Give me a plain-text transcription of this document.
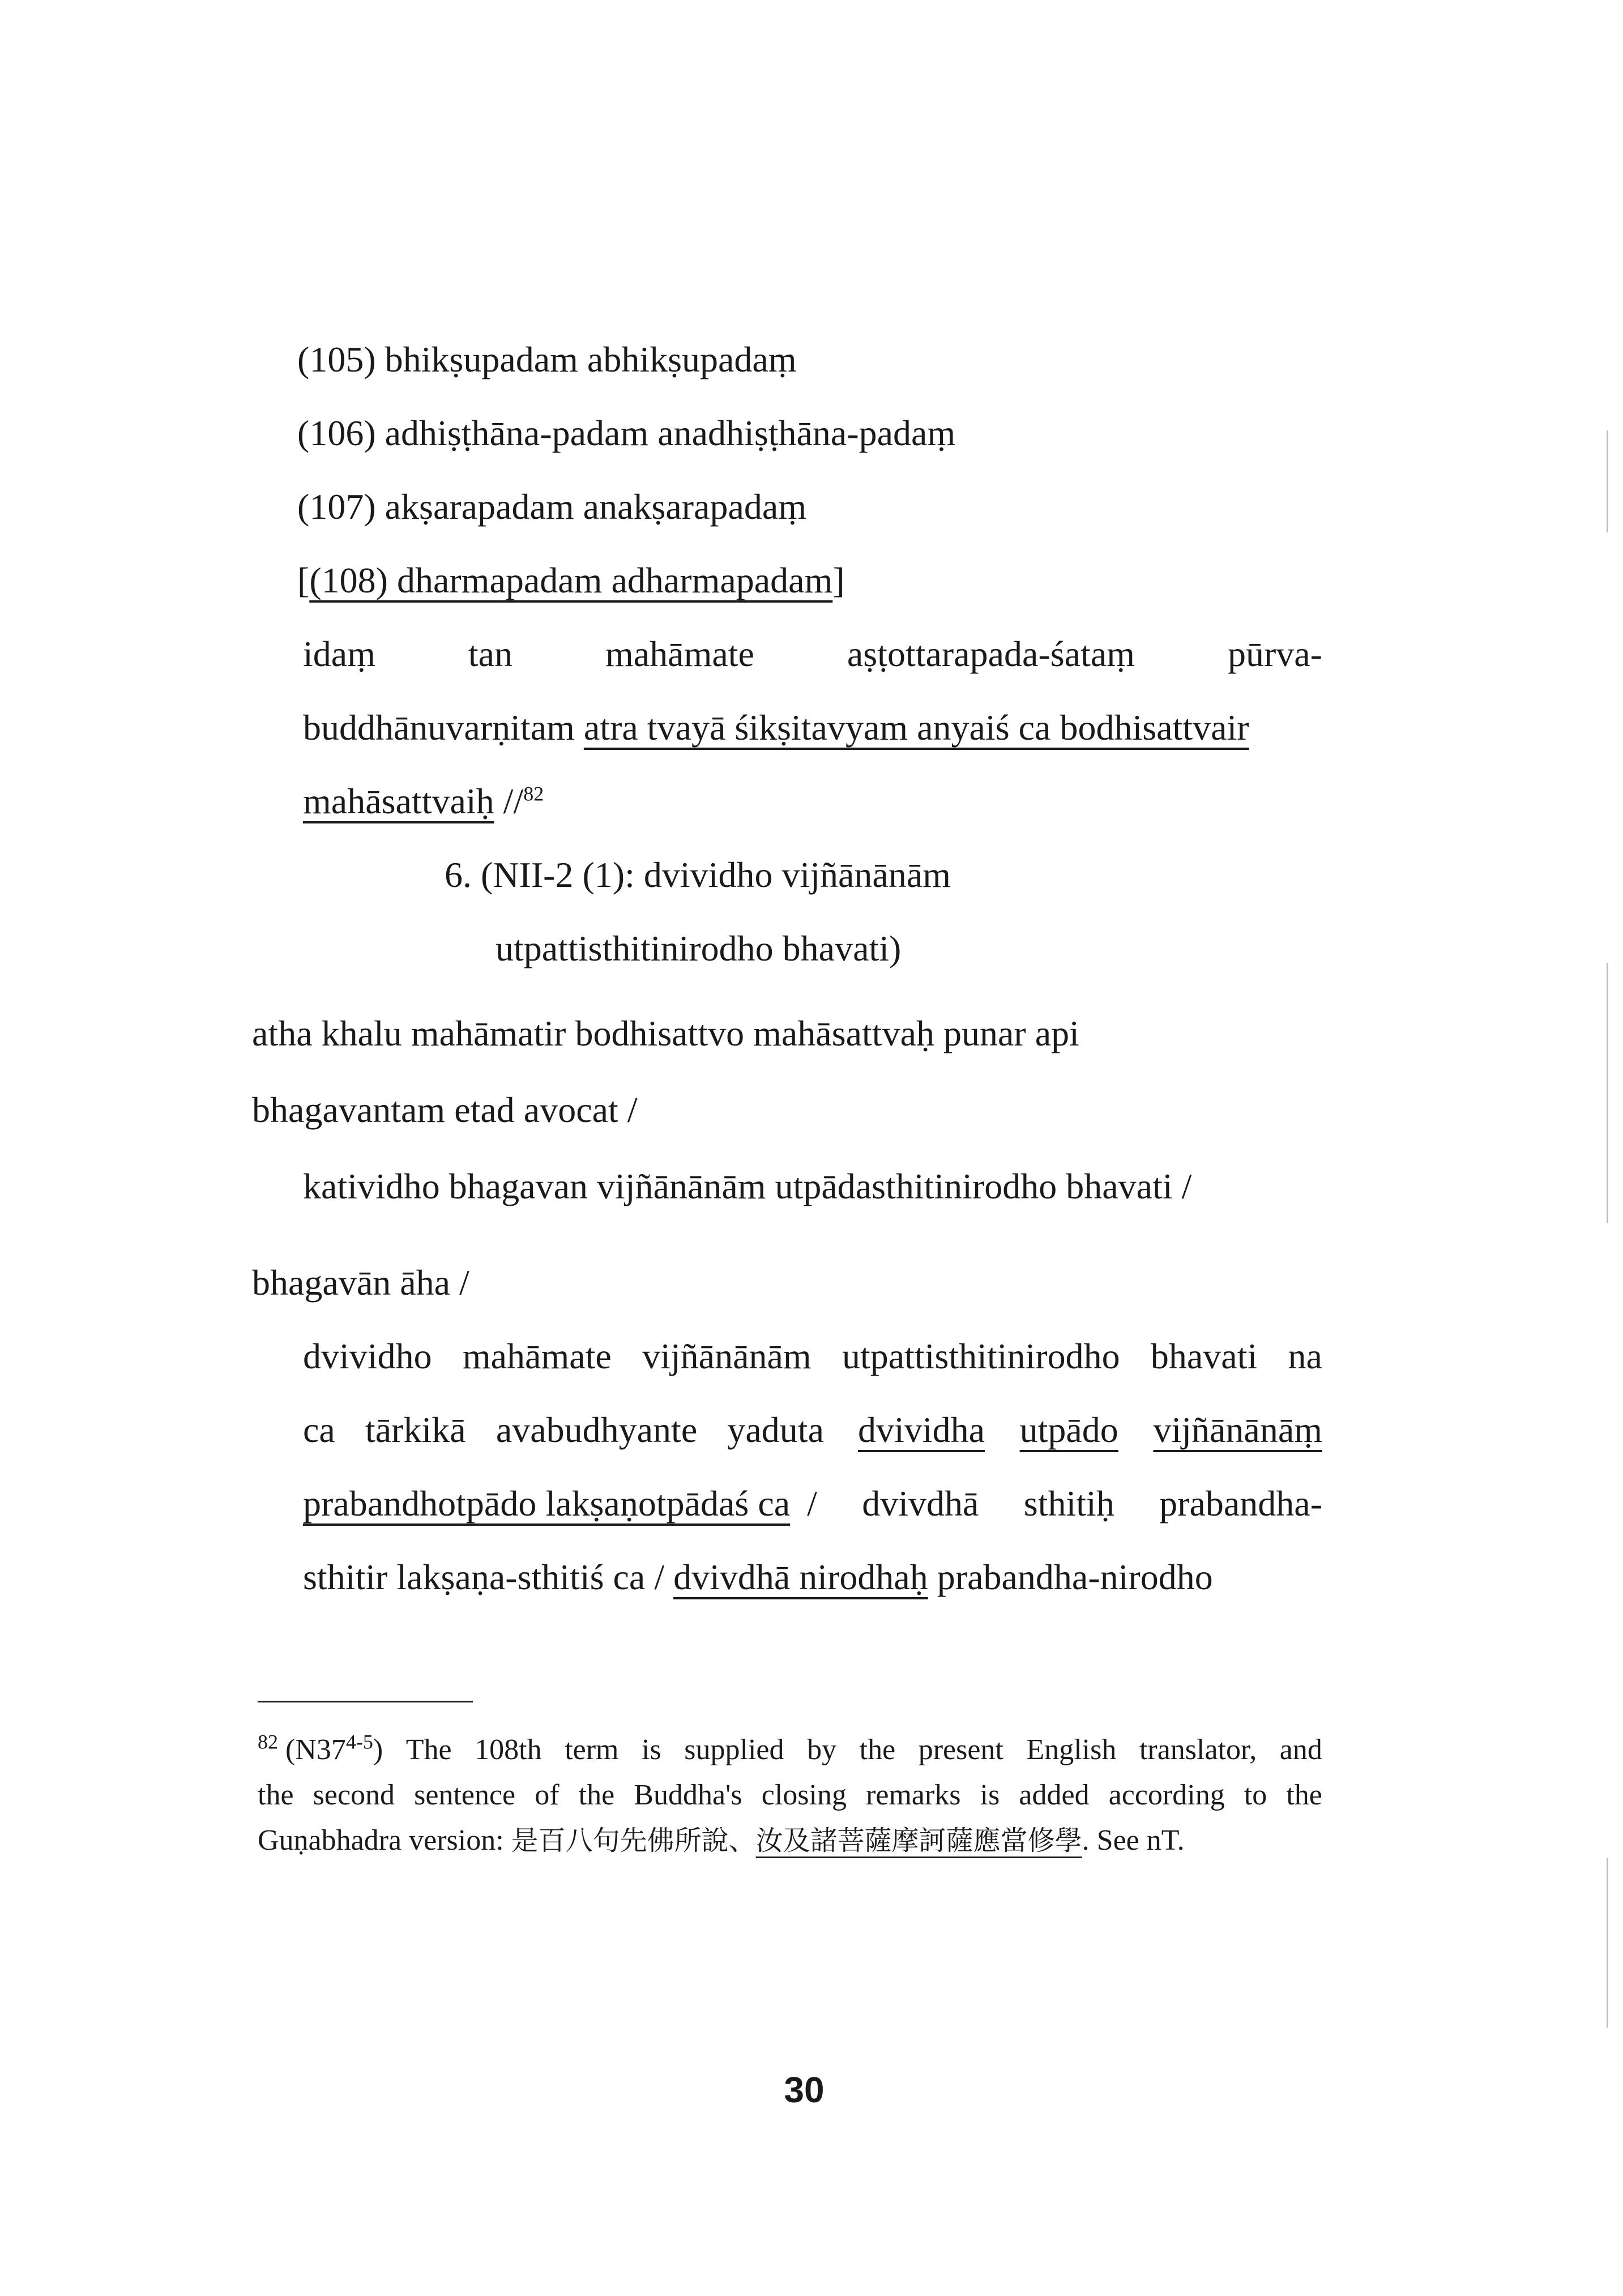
(105) bhikṣupadam abhikṣupadaṃ
(106) adhiṣṭhāna-padam anadhiṣṭhāna-padaṃ
(107) akṣarapadam anakṣarapadaṃ
[(108) dharmapadam adharmapadam]
idaṃ	tan	mahāmate	aṣṭottarapada-śataṃ	pūrva-
buddhānuvarṇitam atra tvayā śikṣitavyam anyaiś ca bodhisattvair
mahāsattvaiḥ //$^{82}$
6. (NII-2 (1): dvividho vijñānānām
utpattisthitinirodho bhavati)
atha khalu mahāmatir bodhisattvo mahāsattvaḥ punar api
bhagavantam etad avocat /
katividho bhagavan vijñānānām utpādasthitinirodho bhavati /
bhagavān āha /
dvividho mahāmate vijñānānām utpattisthitinirodho bhavati na
ca tārkikā avabudhyante yaduta dvividha utpādo vijñānānāṃ
prabandhotpādo lakṣaṇotpādaś ca / dvivdhā sthitiḥ prabandha-
sthitir lakṣaṇa-sthitiś ca / dvivdhā nirodhaḥ prabandha-nirodho
$^{82}$ (N37$^{4-5}$) The 108th term is supplied by the present English translator, and
the second sentence of the Buddha's closing remarks is added according to the
Guṇabhadra version: 是百八句先佛所說、汝及諸菩薩摩訶薩應當修學. See nT.
30
